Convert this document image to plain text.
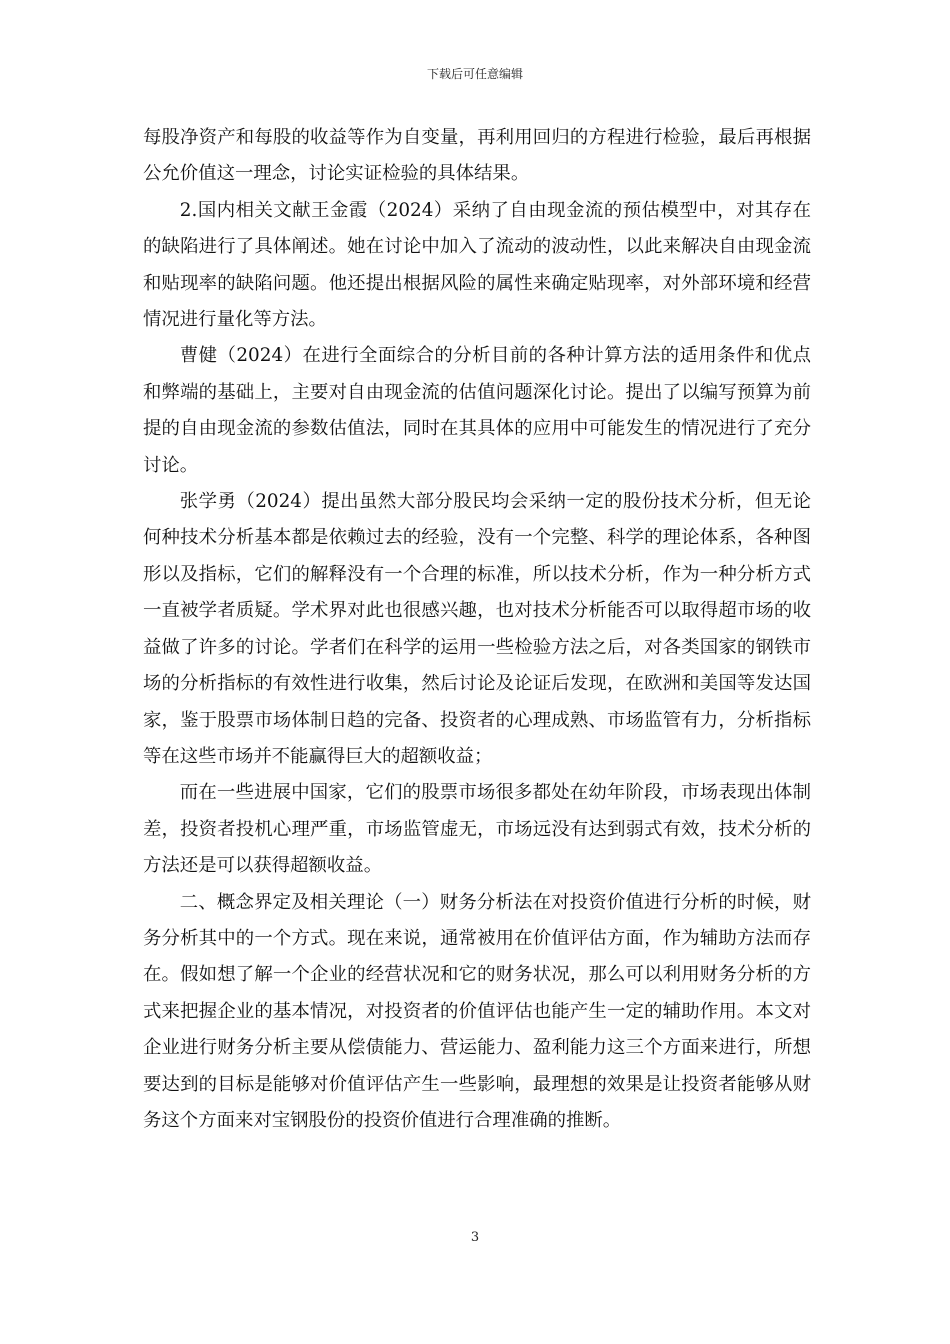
下载后可任意编辑

每股净资产和每股的收益等作为自变量，再利用回归的方程进行检验，最后再根据公允价值这一理念，讨论实证检验的具体结果。

2.国内相关文献王金霞（2024）采纳了自由现金流的预估模型中，对其存在的缺陷进行了具体阐述。她在讨论中加入了流动的波动性，以此来解决自由现金流和贴现率的缺陷问题。他还提出根据风险的属性来确定贴现率，对外部环境和经营情况进行量化等方法。

曹健（2024）在进行全面综合的分析目前的各种计算方法的适用条件和优点和弊端的基础上，主要对自由现金流的估值问题深化讨论。提出了以编写预算为前提的自由现金流的参数估值法，同时在其具体的应用中可能发生的情况进行了充分讨论。

张学勇（2024）提出虽然大部分股民均会采纳一定的股份技术分析，但无论何种技术分析基本都是依赖过去的经验，没有一个完整、科学的理论体系，各种图形以及指标，它们的解释没有一个合理的标准，所以技术分析，作为一种分析方式一直被学者质疑。学术界对此也很感兴趣，也对技术分析能否可以取得超市场的收益做了许多的讨论。学者们在科学的运用一些检验方法之后，对各类国家的钢铁市场的分析指标的有效性进行收集，然后讨论及论证后发现，在欧洲和美国等发达国家，鉴于股票市场体制日趋的完备、投资者的心理成熟、市场监管有力，分析指标等在这些市场并不能赢得巨大的超额收益；

而在一些进展中国家，它们的股票市场很多都处在幼年阶段，市场表现出体制差，投资者投机心理严重，市场监管虚无，市场远没有达到弱式有效，技术分析的方法还是可以获得超额收益。

二、概念界定及相关理论（一）财务分析法在对投资价值进行分析的时候，财务分析其中的一个方式。现在来说，通常被用在价值评估方面，作为辅助方法而存在。假如想了解一个企业的经营状况和它的财务状况，那么可以利用财务分析的方式来把握企业的基本情况，对投资者的价值评估也能产生一定的辅助作用。本文对企业进行财务分析主要从偿债能力、营运能力、盈利能力这三个方面来进行，所想要达到的目标是能够对价值评估产生一些影响，最理想的效果是让投资者能够从财务这个方面来对宝钢股份的投资价值进行合理准确的推断。

3
